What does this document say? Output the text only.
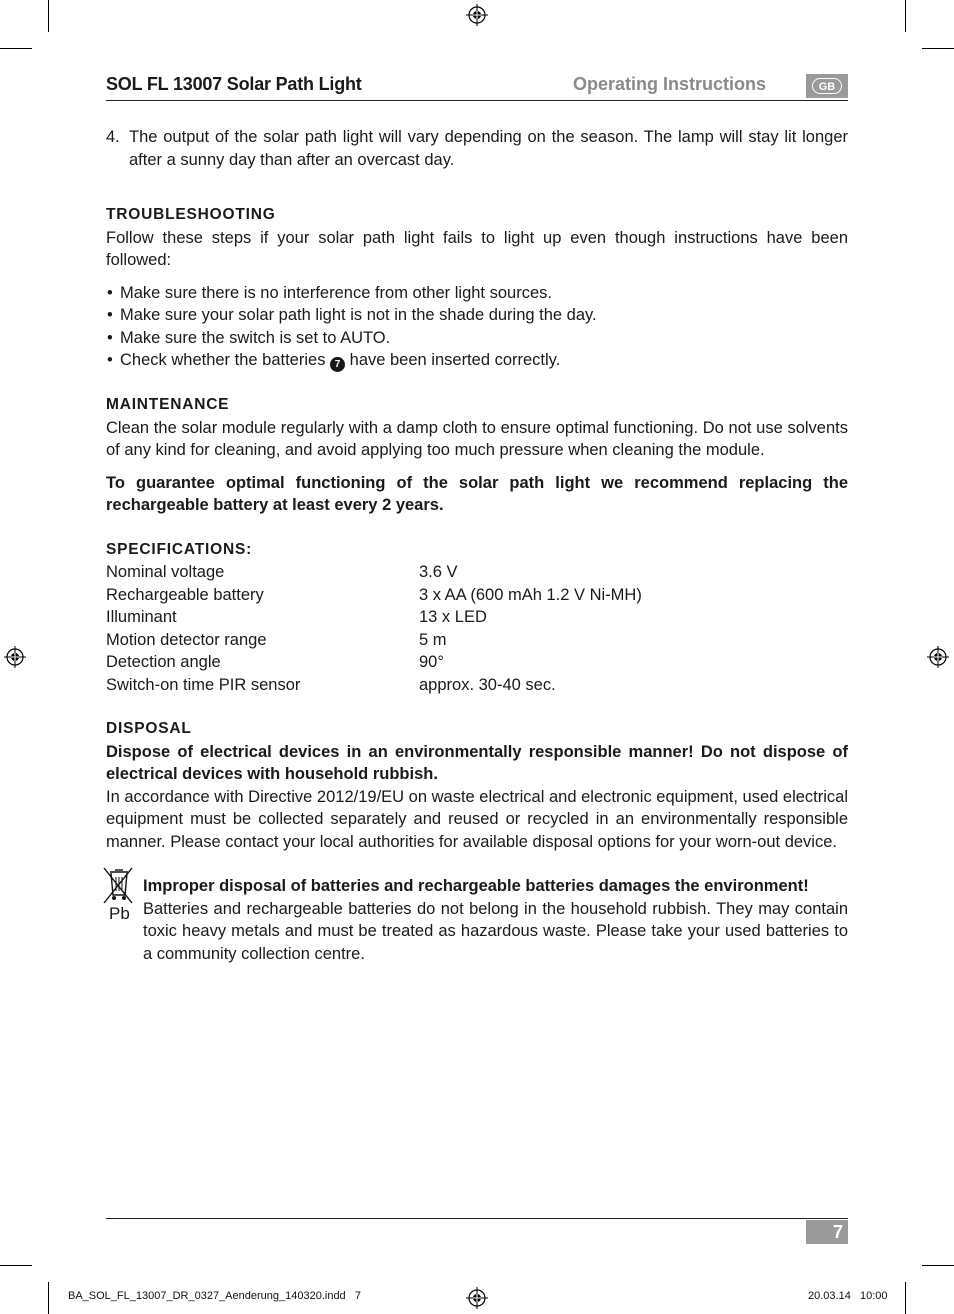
SOL FL 13007 Solar Path Light	Operating Instructions	GB
4. The output of the solar path light will vary depending on the season. The lamp will stay lit longer after a sunny day than after an overcast day.
TROUBLESHOOTING

Follow these steps if your solar path light fails to light up even though instructions have been followed:

• Make sure there is no interference from other light sources.
• Make sure your solar path light is not in the shade during the day.
• Make sure the switch is set to AUTO.
• Check whether the batteries 7 have been inserted correctly.
MAINTENANCE

Clean the solar module regularly with a damp cloth to ensure optimal functioning. Do not use solvents of any kind for cleaning, and avoid applying too much pressure when cleaning the module.

To guarantee optimal functioning of the solar path light we recommend replacing the rechargeable battery at least every 2 years.

SPECIFICATIONS:
Nominal voltage	3.6 V
Rechargeable battery	3 x AA (600 mAh 1.2 V Ni-MH)
Illuminant	13 x LED
Motion detector range	5 m
Detection angle	90°
Switch-on time PIR sensor	approx. 30-40 sec.
DISPOSAL

Dispose of electrical devices in an environmentally responsible manner! Do not dispose of electrical devices with household rubbish.

In accordance with Directive 2012/19/EU on waste electrical and electronic equipment, used electrical equipment must be collected separately and reused or recycled in an environmentally responsible manner. Please contact your local authorities for available disposal options for your worn-out device.

Pb

Improper disposal of batteries and rechargeable batteries damages the environment!

Batteries and rechargeable batteries do not belong in the household rubbish. They may contain toxic heavy metals and must be treated as hazardous waste. Please take your used batteries to a community collection centre.

7
BA_SOL_FL_13007_DR_0327_Aenderung_140320.indd   7	20.03.14   10:00
